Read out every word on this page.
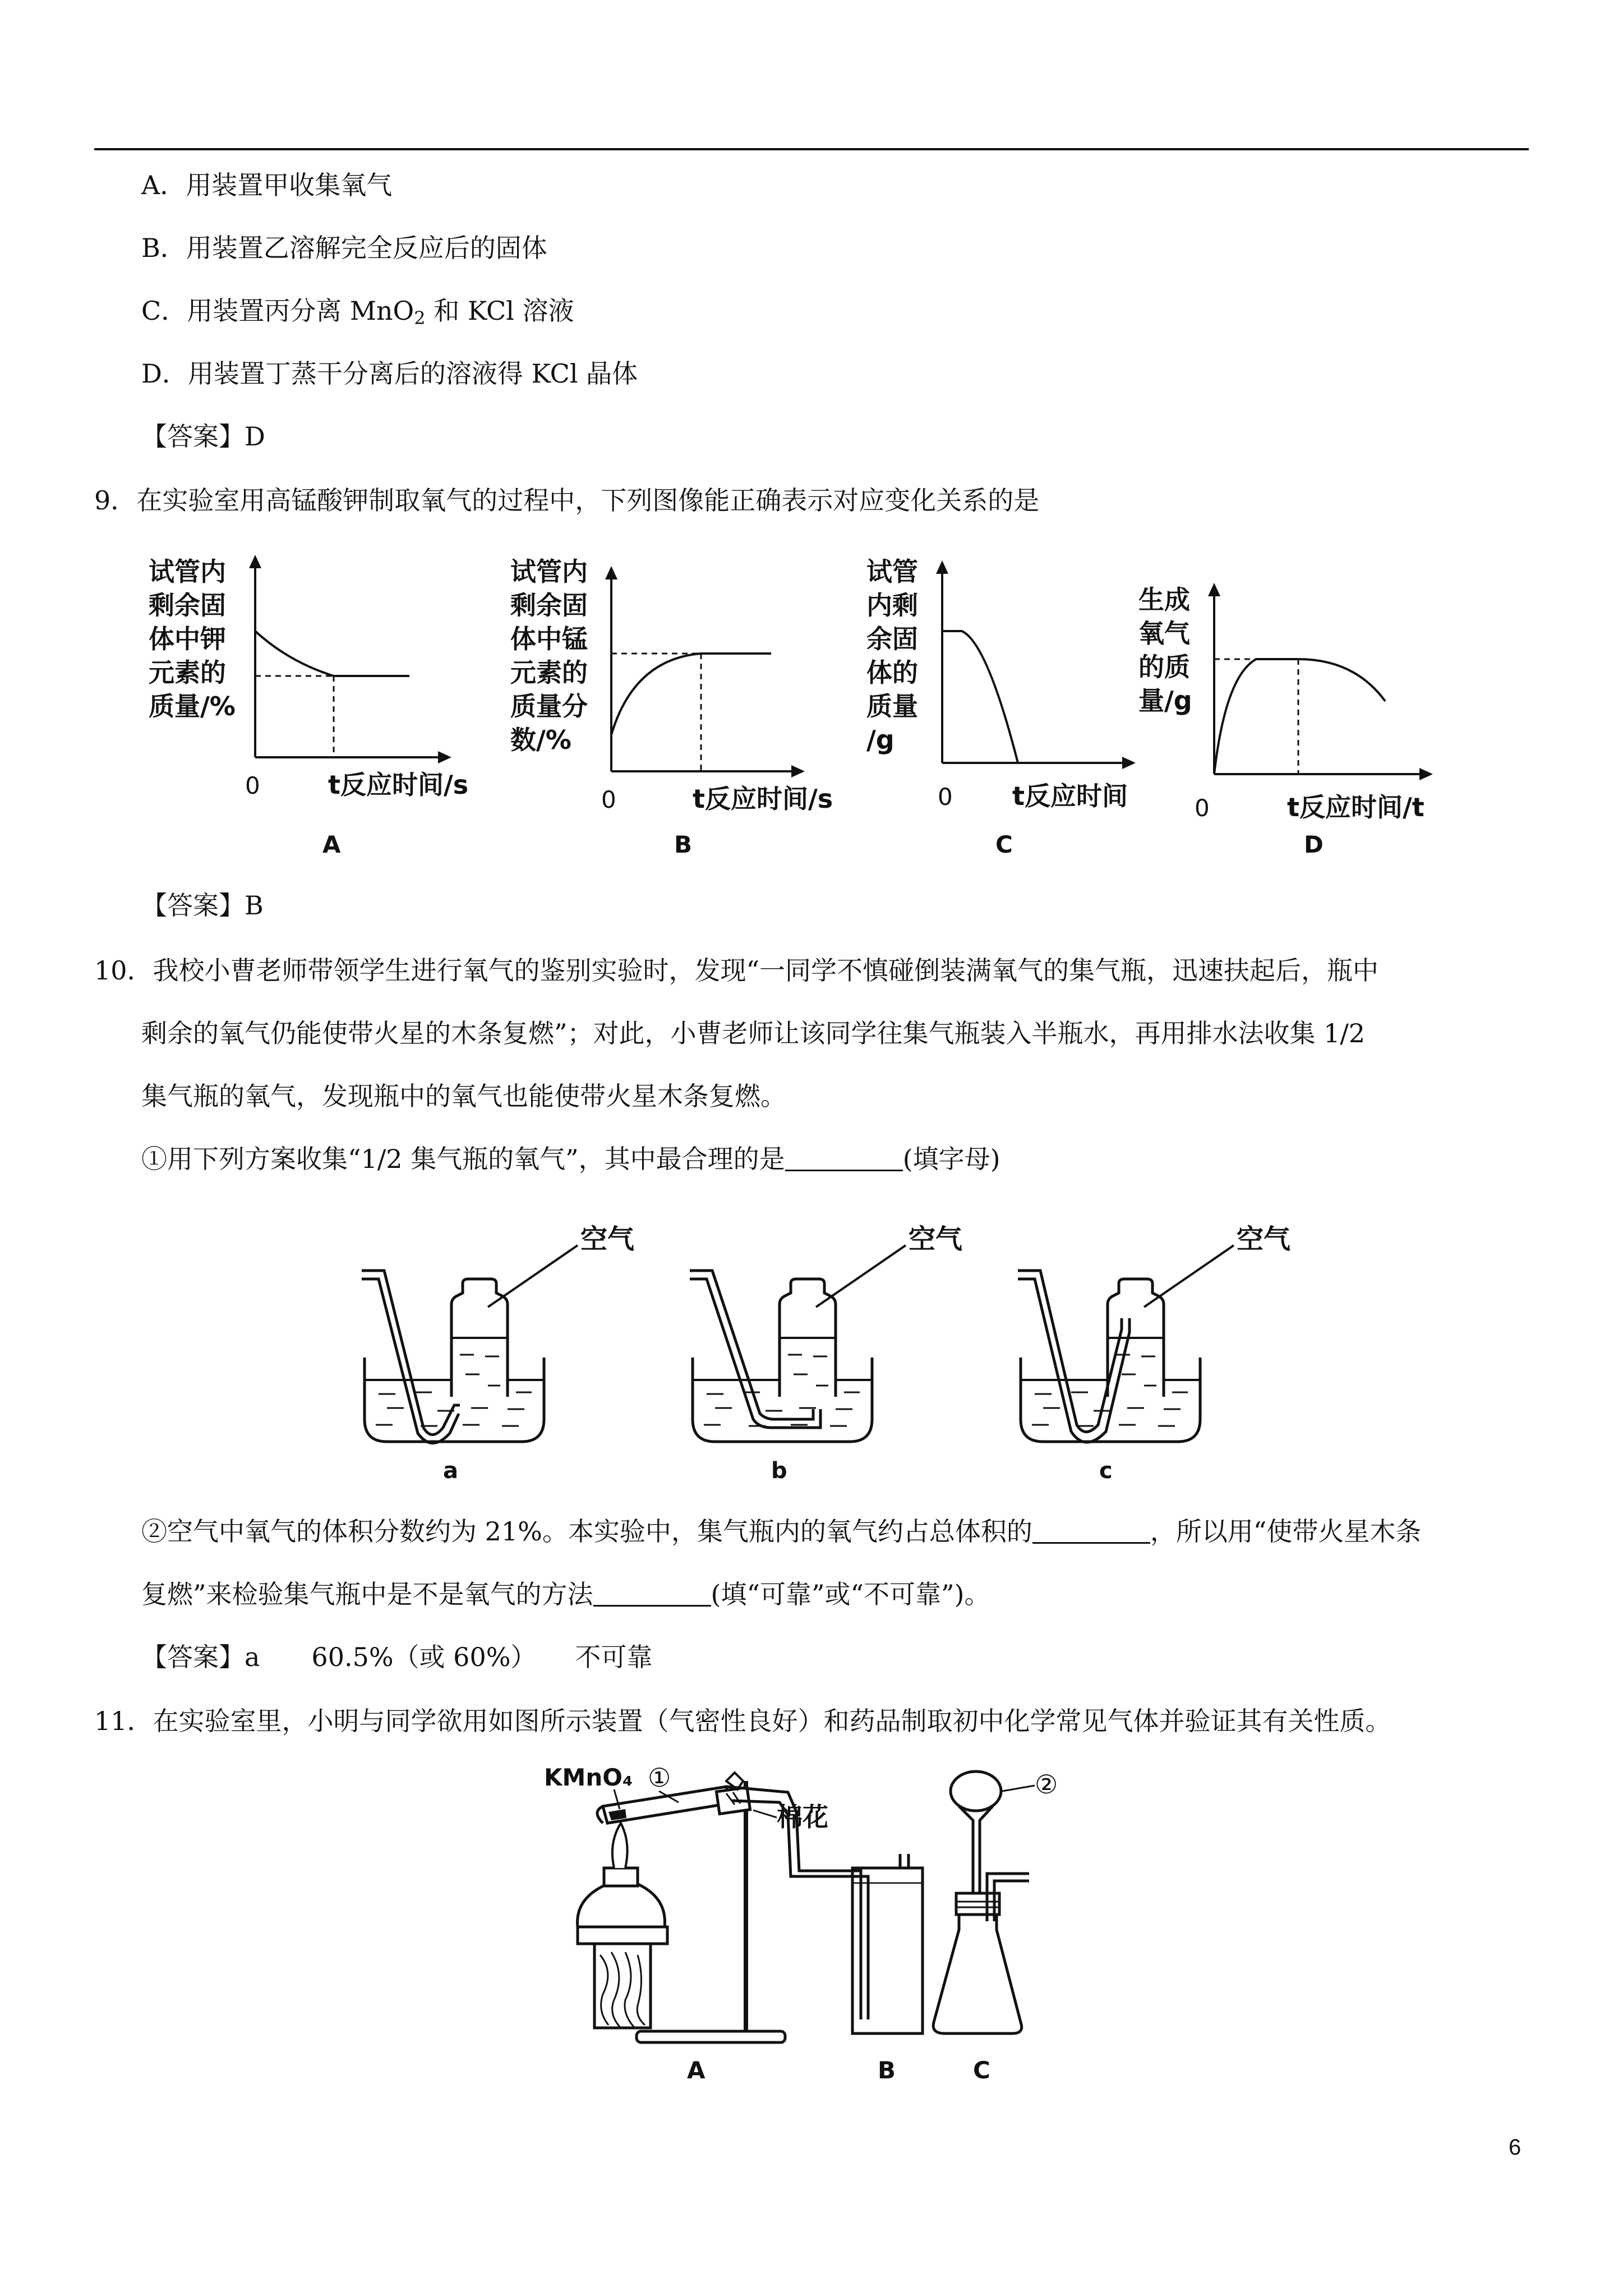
A．用装置甲收集氧气
B．用装置乙溶解完全反应后的固体
C．用装置丙分离 MnO$_2$ 和 KCl 溶液
D．用装置丁蒸干分离后的溶液得 KCl 晶体
【答案】D
9．在实验室用高锰酸钾制取氧气的过程中，下列图像能正确表示对应变化关系的是
试管内
剩余固
体中钾
元素的
质量/%
0	t反应时间/s
A
试管内
剩余固
体中锰
元素的
质量分
数/%
0	t反应时间/s
B
试管
内剩
余固
体的
质量
/g
0 t反应时间
C
生成
氧气
的质
量/g
0	t反应时间/t
D
【答案】B
10．我校小曹老师带领学生进行氧气的鉴别实验时，发现“一同学不慎碰倒装满氧气的集气瓶，迅速扶起后，瓶中
剩余的氧气仍能使带火星的木条复燃”；对此，小曹老师让该同学往集气瓶装入半瓶水，再用排水法收集 1/2
集气瓶的氧气，发现瓶中的氧气也能使带火星木条复燃。
①用下列方案收集“1/2 集气瓶的氧气”，其中最合理的是	(填字母)
空气
a
空气
b
空气
c
②空气中氧气的体积分数约为 21%。本实验中，集气瓶内的氧气约占总体积的	，所以用“使带火星木条
复燃”来检验集气瓶中是不是氧气的方法	(填“可靠”或“不可靠”)。
【答案】a　　60.5%（或 60%）　　不可靠
11．在实验室里，小明与同学欲用如图所示装置（气密性良好）和药品制取初中化学常见气体并验证其有关性质。
KMnO₄ ①
棉花
A	B
②
C
6
